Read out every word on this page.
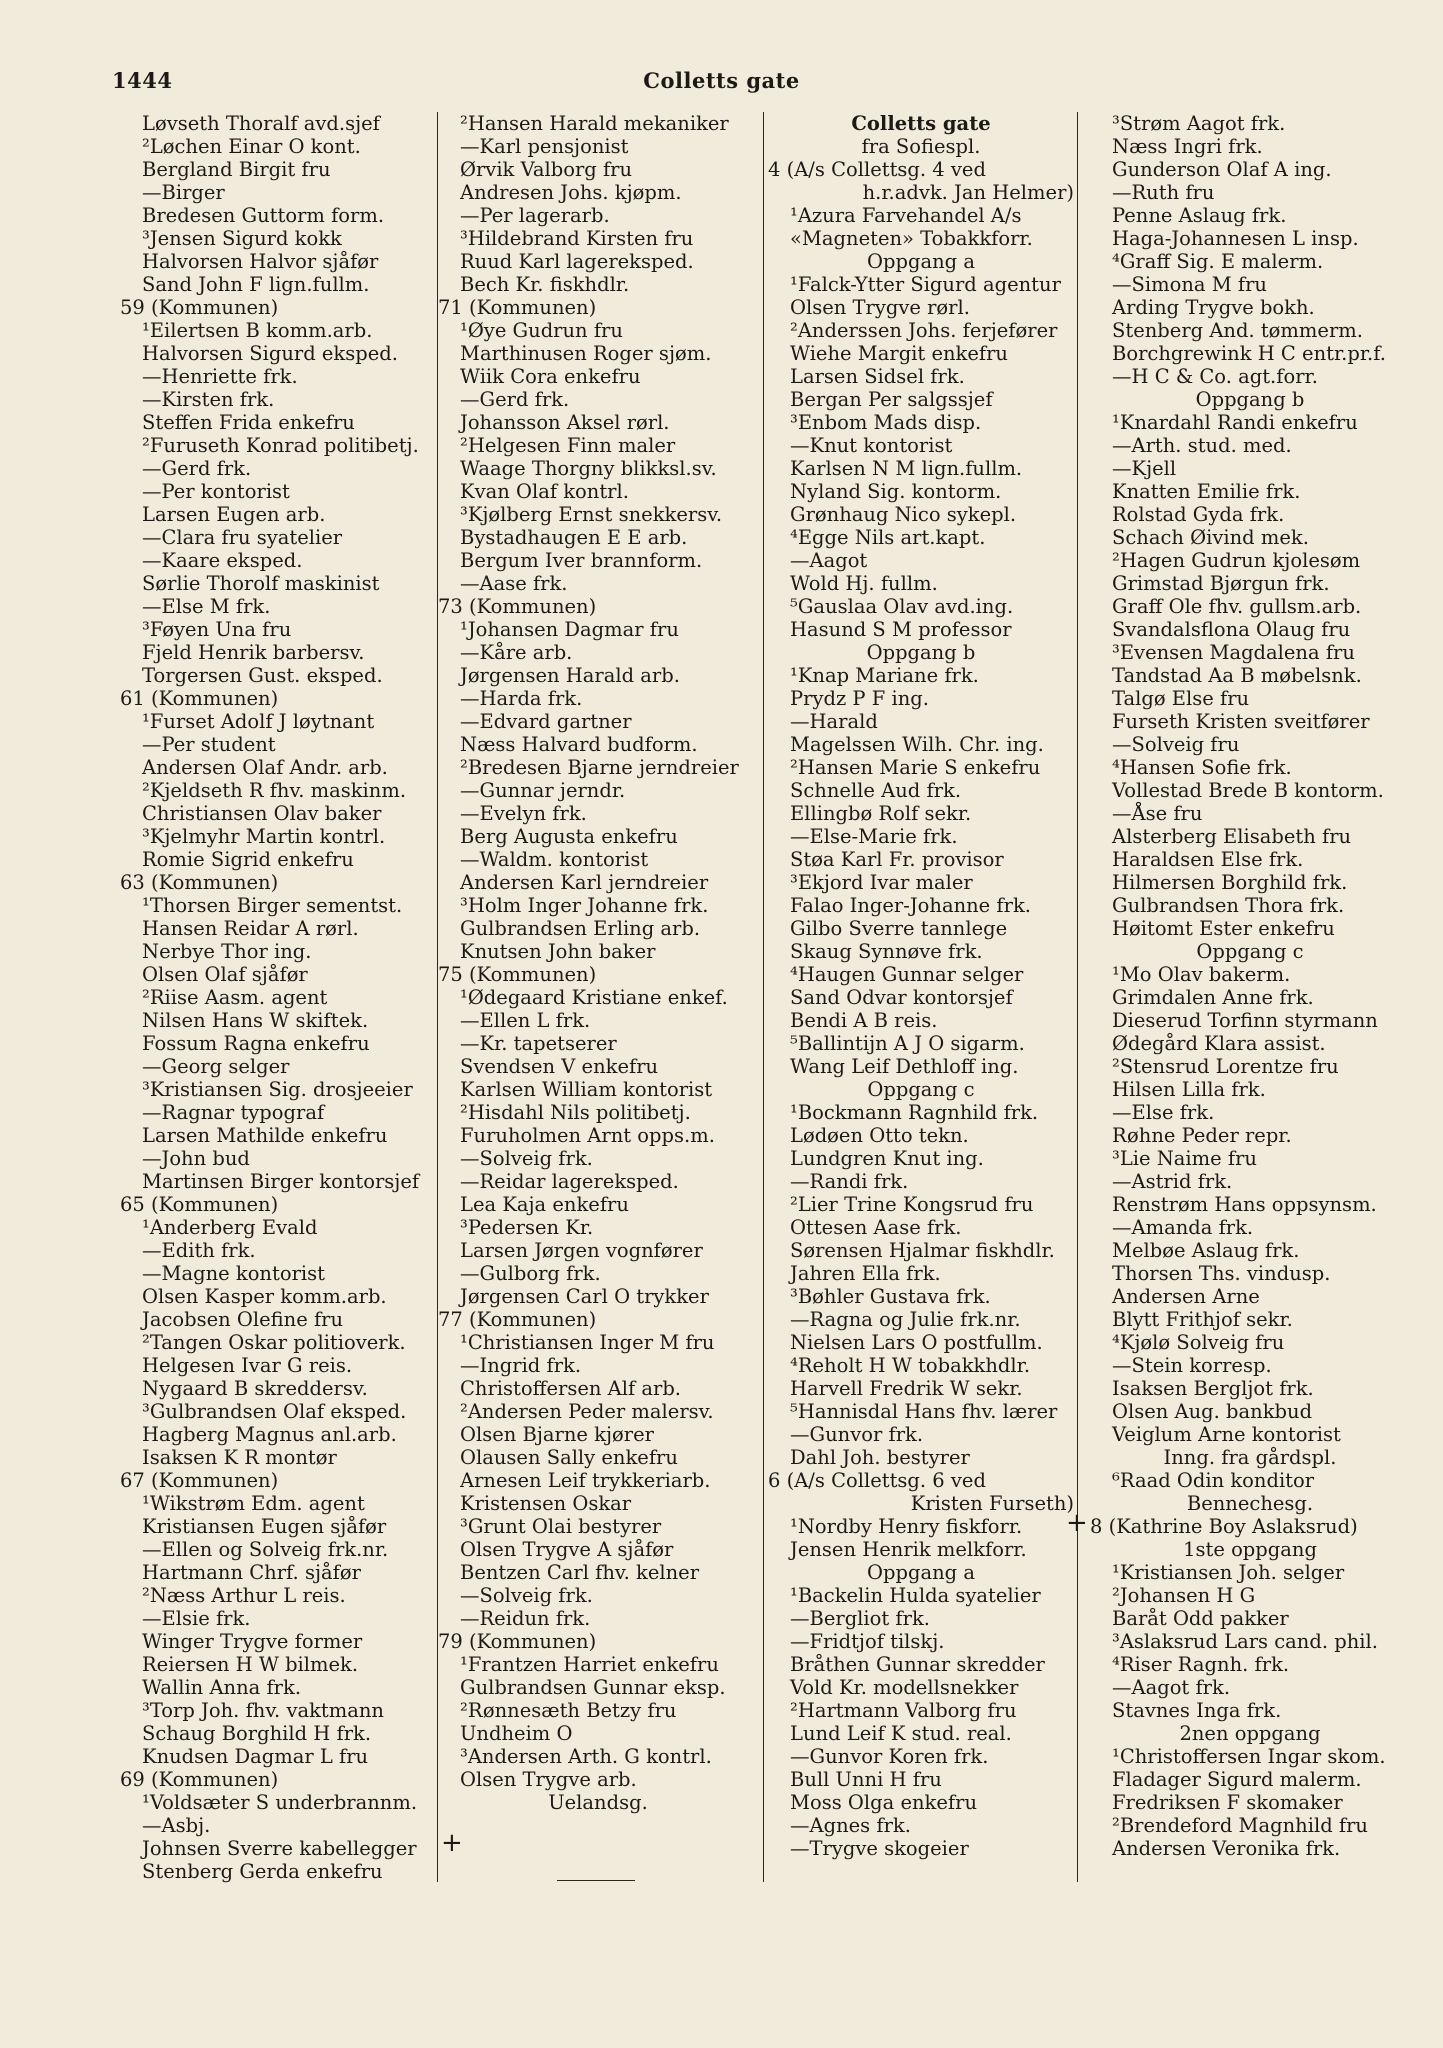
1444	Colletts gate
Løvseth Thoralf avd.sjef
²Løchen Einar O kont.
Bergland Birgit fru
—Birger
Bredesen Guttorm form.
³Jensen Sigurd kokk
Halvorsen Halvor sjåfør
Sand John F lign.fullm.
59 (Kommunen)
¹Eilertsen B komm.arb.
Halvorsen Sigurd eksped.
—Henriette frk.
—Kirsten frk.
Steffen Frida enkefru
²Furuseth Konrad politibetj.
—Gerd frk.
—Per kontorist
Larsen Eugen arb.
—Clara fru syatelier
—Kaare eksped.
Sørlie Thorolf maskinist
—Else M frk.
³Føyen Una fru
Fjeld Henrik barbersv.
Torgersen Gust. eksped.
61 (Kommunen)
¹Furset Adolf J løytnant
—Per student
Andersen Olaf Andr. arb.
²Kjeldseth R fhv. maskinm.
Christiansen Olav baker
³Kjelmyhr Martin kontrl.
Romie Sigrid enkefru
63 (Kommunen)
¹Thorsen Birger sementst.
Hansen Reidar A rørl.
Nerbye Thor ing.
Olsen Olaf sjåfør
²Riise Aasm. agent
Nilsen Hans W skiftek.
Fossum Ragna enkefru
—Georg selger
³Kristiansen Sig. drosjeeier
—Ragnar typograf
Larsen Mathilde enkefru
—John bud
Martinsen Birger kontorsjef
65 (Kommunen)
¹Anderberg Evald
—Edith frk.
—Magne kontorist
Olsen Kasper komm.arb.
Jacobsen Olefine fru
²Tangen Oskar politioverk.
Helgesen Ivar G reis.
Nygaard B skreddersv.
³Gulbrandsen Olaf eksped.
Hagberg Magnus anl.arb.
Isaksen K R montør
67 (Kommunen)
¹Wikstrøm Edm. agent
Kristiansen Eugen sjåfør
—Ellen og Solveig frk.nr.
Hartmann Chrf. sjåfør
²Næss Arthur L reis.
—Elsie frk.
Winger Trygve former
Reiersen H W bilmek.
Wallin Anna frk.
³Torp Joh. fhv. vaktmann
Schaug Borghild H frk.
Knudsen Dagmar L fru
69 (Kommunen)
¹Voldsæter S underbrannm.
—Asbj.
Johnsen Sverre kabellegger
Stenberg Gerda enkefru
²Hansen Harald mekaniker
—Karl pensjonist
Ørvik Valborg fru
Andresen Johs. kjøpm.
—Per lagerarb.
³Hildebrand Kirsten fru
Ruud Karl lagereksped.
Bech Kr. fiskhdlr.
71 (Kommunen)
¹Øye Gudrun fru
Marthinusen Roger sjøm.
Wiik Cora enkefru
—Gerd frk.
Johansson Aksel rørl.
²Helgesen Finn maler
Waage Thorgny blikksl.sv.
Kvan Olaf kontrl.
³Kjølberg Ernst snekkersv.
Bystadhaugen E E arb.
Bergum Iver brannform.
—Aase frk.
73 (Kommunen)
¹Johansen Dagmar fru
—Kåre arb.
Jørgensen Harald arb.
—Harda frk.
—Edvard gartner
Næss Halvard budform.
²Bredesen Bjarne jerndreier
—Gunnar jerndr.
—Evelyn frk.
Berg Augusta enkefru
—Waldm. kontorist
Andersen Karl jerndreier
³Holm Inger Johanne frk.
Gulbrandsen Erling arb.
Knutsen John baker
75 (Kommunen)
¹Ødegaard Kristiane enkef.
—Ellen L frk.
—Kr. tapetserer
Svendsen V enkefru
Karlsen William kontorist
²Hisdahl Nils politibetj.
Furuholmen Arnt opps.m.
—Solveig frk.
—Reidar lagereksped.
Lea Kaja enkefru
³Pedersen Kr.
Larsen Jørgen vognfører
—Gulborg frk.
Jørgensen Carl O trykker
77 (Kommunen)
¹Christiansen Inger M fru
—Ingrid frk.
Christoffersen Alf arb.
²Andersen Peder malersv.
Olsen Bjarne kjører
Olausen Sally enkefru
Arnesen Leif trykkeriarb.
Kristensen Oskar
³Grunt Olai bestyrer
Olsen Trygve A sjåfør
Bentzen Carl fhv. kelner
—Solveig frk.
—Reidun frk.
79 (Kommunen)
¹Frantzen Harriet enkefru
Gulbrandsen Gunnar eksp.
²Rønnesæth Betzy fru
Undheim O
³Andersen Arth. G kontrl.
Olsen Trygve arb.
Uelandsg.
Colletts gate
fra Sofiespl.
4 (A/s Collettsg. 4 ved
h.r.advk. Jan Helmer)
¹Azura Farvehandel A/s
«Magneten» Tobakkforr.
Oppgang a
¹Falck-Ytter Sigurd agentur
Olsen Trygve rørl.
²Anderssen Johs. ferjefører
Wiehe Margit enkefru
Larsen Sidsel frk.
Bergan Per salgssjef
³Enbom Mads disp.
—Knut kontorist
Karlsen N M lign.fullm.
Nyland Sig. kontorm.
Grønhaug Nico sykepl.
⁴Egge Nils art.kapt.
—Aagot
Wold Hj. fullm.
⁵Gauslaa Olav avd.ing.
Hasund S M professor
Oppgang b
¹Knap Mariane frk.
Prydz P F ing.
—Harald
Magelssen Wilh. Chr. ing.
²Hansen Marie S enkefru
Schnelle Aud frk.
Ellingbø Rolf sekr.
—Else-Marie frk.
Støa Karl Fr. provisor
³Ekjord Ivar maler
Falao Inger-Johanne frk.
Gilbo Sverre tannlege
Skaug Synnøve frk.
⁴Haugen Gunnar selger
Sand Odvar kontorsjef
Bendi A B reis.
⁵Ballintijn A J O sigarm.
Wang Leif Dethloff ing.
Oppgang c
¹Bockmann Ragnhild frk.
Lødøen Otto tekn.
Lundgren Knut ing.
—Randi frk.
²Lier Trine Kongsrud fru
Ottesen Aase frk.
Sørensen Hjalmar fiskhdlr.
Jahren Ella frk.
³Bøhler Gustava frk.
—Ragna og Julie frk.nr.
Nielsen Lars O postfullm.
⁴Reholt H W tobakkhdlr.
Harvell Fredrik W sekr.
⁵Hannisdal Hans fhv. lærer
—Gunvor frk.
Dahl Joh. bestyrer
6 (A/s Collettsg. 6 ved
Kristen Furseth)
¹Nordby Henry fiskforr.
Jensen Henrik melkforr.
Oppgang a
¹Backelin Hulda syatelier
—Bergliot frk.
—Fridtjof tilskj.
Bråthen Gunnar skredder
Vold Kr. modellsnekker
²Hartmann Valborg fru
Lund Leif K stud. real.
—Gunvor Koren frk.
Bull Unni H fru
Moss Olga enkefru
—Agnes frk.
—Trygve skogeier
³Strøm Aagot frk.
Næss Ingri frk.
Gunderson Olaf A ing.
—Ruth fru
Penne Aslaug frk.
Haga-Johannesen L insp.
⁴Graff Sig. E malerm.
—Simona M fru
Arding Trygve bokh.
Stenberg And. tømmerm.
Borchgrewink H C entr.pr.f.
—H C & Co. agt.forr.
Oppgang b
¹Knardahl Randi enkefru
—Arth. stud. med.
—Kjell
Knatten Emilie frk.
Rolstad Gyda frk.
Schach Øivind mek.
²Hagen Gudrun kjolesøm
Grimstad Bjørgun frk.
Graff Ole fhv. gullsm.arb.
Svandalsflona Olaug fru
³Evensen Magdalena fru
Tandstad Aa B møbelsnk.
Talgø Else fru
Furseth Kristen sveitfører
—Solveig fru
⁴Hansen Sofie frk.
Vollestad Brede B kontorm.
—Åse fru
Alsterberg Elisabeth fru
Haraldsen Else frk.
Hilmersen Borghild frk.
Gulbrandsen Thora frk.
Høitomt Ester enkefru
Oppgang c
¹Mo Olav bakerm.
Grimdalen Anne frk.
Dieserud Torfinn styrmann
Ødegård Klara assist.
²Stensrud Lorentze fru
Hilsen Lilla frk.
—Else frk.
Røhne Peder repr.
³Lie Naime fru
—Astrid frk.
Renstrøm Hans oppsynsm.
—Amanda frk.
Melbøe Aslaug frk.
Thorsen Ths. vindusp.
Andersen Arne
Blytt Frithjof sekr.
⁴Kjølø Solveig fru
—Stein korresp.
Isaksen Bergljot frk.
Olsen Aug. bankbud
Veiglum Arne kontorist
Inng. fra gårdspl.
⁶Raad Odin konditor
Bennechesg.
8 (Kathrine Boy Aslaksrud)
1ste oppgang
¹Kristiansen Joh. selger
²Johansen H G
Baråt Odd pakker
³Aslaksrud Lars cand. phil.
⁴Riser Ragnh. frk.
—Aagot frk.
Stavnes Inga frk.
2nen oppgang
¹Christoffersen Ingar skom.
Fladager Sigurd malerm.
Fredriksen F skomaker
²Brendeford Magnhild fru
Andersen Veronika frk.
+
+
